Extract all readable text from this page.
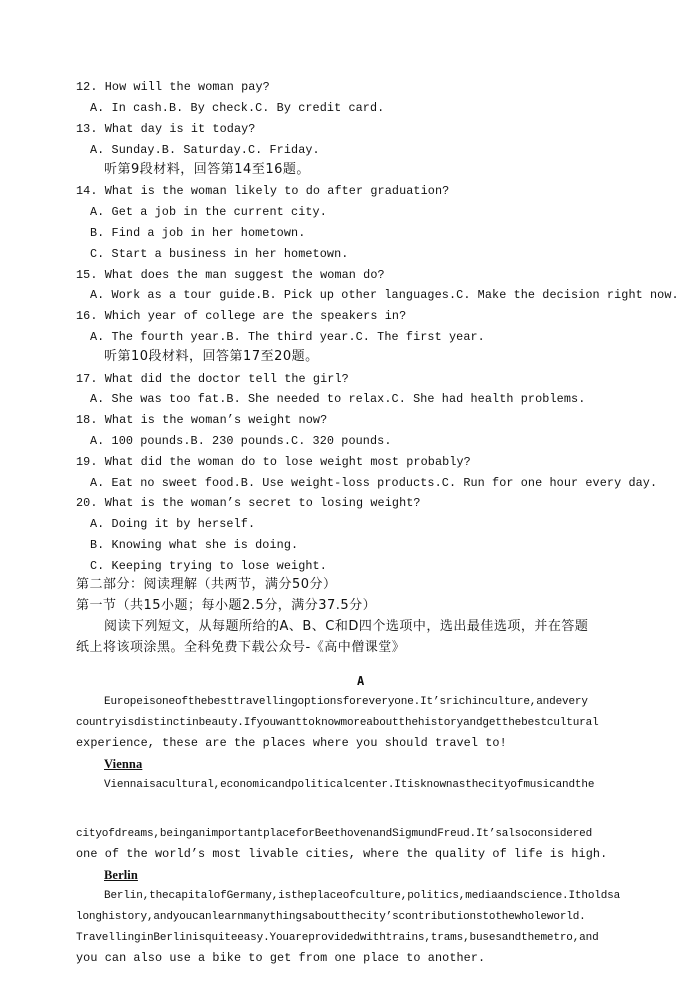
12. How will the woman pay?
A. In cash.B. By check.C. By credit card.
13. What day is it today?
A. Sunday.B. Saturday.C. Friday.
听第9段材料，回答第14至16题。
14. What is the woman likely to do after graduation?
A. Get a job in the current city.
B. Find a job in her hometown.
C. Start a business in her hometown.
15. What does the man suggest the woman do?
A. Work as a tour guide.B. Pick up other languages.C. Make the decision right now.
16. Which year of college are the speakers in?
A. The fourth year.B. The third year.C. The first year.
听第10段材料，回答第17至20题。
17. What did the doctor tell the girl?
A. She was too fat.B. She needed to relax.C. She had health problems.
18. What is the woman’s weight now?
A. 100 pounds.B. 230 pounds.C. 320 pounds.
19. What did the woman do to lose weight most probably?
A. Eat no sweet food.B. Use weight-loss products.C. Run for one hour every day.
20. What is the woman’s secret to losing weight?
A. Doing it by herself.
B. Knowing what she is doing.
C. Keeping trying to lose weight.
第二部分：阅读理解（共两节，满分50分）
第一节（共15小题；每小题2.5分，满分37.5分）
阅读下列短文，从每题所给的A、B、C和D四个选项中，选出最佳选项，并在答题
纸上将该项涂黑。全科免费下载公众号-《高中僧课堂》
A
Europeisoneofthebesttravellingoptionsforeveryone.It’srichinculture,andevery
countryisdistinctinbeauty.Ifyouwanttoknowmoreaboutthehistoryandgetthebestcultural
experience, these are the places where you should travel to!
Vienna
Viennaisacultural,economicandpoliticalcenter.Itisknownasthecityofmusicandthe
cityofdreams,beinganimportantplaceforBeethovenandSigmundFreud.It’salsoconsidered
one of the world’s most livable cities, where the quality of life is high.
Berlin
Berlin,thecapitalofGermany,istheplaceofculture,politics,mediaandscience.Itholdsa
longhistory,andyoucanlearnmanythingsaboutthecity’scontributionstothewholeworld.
TravellinginBerlinisquiteeasy.Youareprovidedwithtrains,trams,busesandthemetro,and
you can also use a bike to get from one place to another.
